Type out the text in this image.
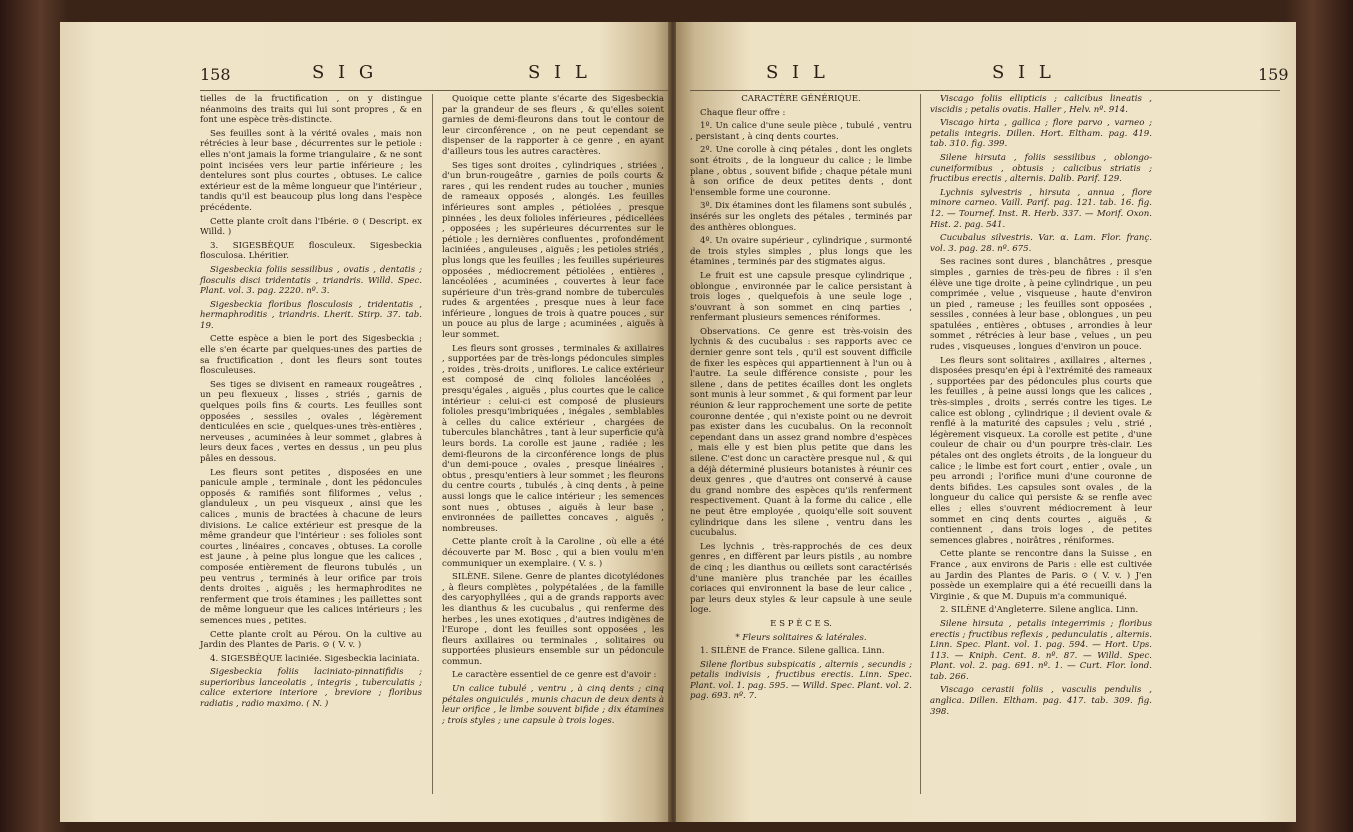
158	S I G	S I L

tielles de la fructification , on y distingue néanmoins des traits qui lui sont propres , & en font une espèce très-distincte.

Ses feuilles sont à la vérité ovales , mais non rétrécies à leur base , décurrentes sur le petiole : elles n'ont jamais la forme triangulaire , & ne sont point incisées vers leur partie inférieure ; les dentelures sont plus courtes , obtuses. Le calice extérieur est de la même longueur que l'intérieur , tandis qu'il est beaucoup plus long dans l'espèce précédente.

Cette plante croît dans l'Ibérie. ⊙ ( Descript. ex Willd. )

3. SIGESBÈQUE flosculeux. Sigesbeckia flosculosa. Lhéritier.

Sigesbeckia foliis sessilibus , ovatis , dentatis ; flosculis disci tridentatis , triandris. Willd. Spec. Plant. vol. 3. pag. 2220. nº. 3.

Sigesbeckia floribus flosculosis , tridentatis , hermaphroditis , triandris. Lherit. Stirp. 37. tab. 19.

Cette espèce a bien le port des Sigesbeckia ; elle s'en écarte par quelques-unes des parties de sa fructification , dont les fleurs sont toutes flosculeuses.

Ses tiges se divisent en rameaux rougeâtres , un peu flexueux , lisses , striés , garnis de quelques poils fins & courts. Les feuilles sont opposées , sessiles , ovales , légèrement denticulées en scie , quelques-unes très-entières , nerveuses , acuminées à leur sommet , glabres à leurs deux faces , vertes en dessus , un peu plus pâles en dessous.

Les fleurs sont petites , disposées en une panicule ample , terminale , dont les pédoncules opposés & ramifiés sont filiformes , velus , glanduleux , un peu visqueux , ainsi que les calices , munis de bractées à chacune de leurs divisions. Le calice extérieur est presque de la même grandeur que l'intérieur : ses folioles sont courtes , linéaires , concaves , obtuses. La corolle est jaune , à peine plus longue que les calices , composée entièrement de fleurons tubulés , un peu ventrus , terminés à leur orifice par trois dents droites , aiguës ; les hermaphrodites ne renferment que trois étamines ; les paillettes sont de même longueur que les calices intérieurs ; les semences nues , petites.

Cette plante croît au Pérou. On la cultive au Jardin des Plantes de Paris. ⊙ ( V. v. )

4. SIGESBÈQUE laciniée. Sigesbeckia laciniata.

Sigesbeckia foliis laciniato-pinnatifidis ; superioribus lanceolatis , integris , tuberculatis ; calice exteriore interiore , breviore ; floribus radiatis , radio maximo. ( N. )

Quoique cette plante s'écarte des Sigesbeckia par la grandeur de ses fleurs , & qu'elles soient garnies de demi-fleurons dans tout le contour de leur circonférence , on ne peut cependant se dispenser de la rapporter à ce genre , en ayant d'ailleurs tous les autres caractères.

Ses tiges sont droites , cylindriques , striées , d'un brun-rougeâtre , garnies de poils courts & rares , qui les rendent rudes au toucher , munies de rameaux opposés , alongés. Les feuilles inférieures sont amples , pétiolées , presque pinnées , les deux folioles inférieures , pédicellées , opposées ; les supérieures décurrentes sur le pétiole ; les dernières confluentes , profondément laciniées , anguleuses , aiguës ; les petioles striés , plus longs que les feuilles ; les feuilles supérieures opposées , médiocrement pétiolées , entières , lancéolées , acuminées , couvertes à leur face supérieure d'un très-grand nombre de tubercules rudes & argentées , presque nues à leur face inférieure , longues de trois à quatre pouces , sur un pouce au plus de large ; acuminées , aiguës à leur sommet.

Les fleurs sont grosses , terminales & axillaires , supportées par de très-longs pédoncules simples , roides , très-droits , uniflores. Le calice extérieur est composé de cinq folioles lancéolées , presqu'égales , aiguës , plus courtes que le calice intérieur : celui-ci est composé de plusieurs folioles presqu'imbriquées , inégales , semblables à celles du calice extérieur , chargées de tubercules blanchâtres , tant à leur superficie qu'à leurs bords. La corolle est jaune , radiée ; les demi-fleurons de la circonférence longs de plus d'un demi-pouce , ovales , presque linéaires , obtus , presqu'entiers à leur sommet ; les fleurons du centre courts , tubulés , à cinq dents , à peine aussi longs que le calice intérieur ; les semences sont nues , obtuses , aiguës à leur base , environnées de paillettes concaves , aiguës , nombreuses.

Cette plante croît à la Caroline , où elle a été découverte par M. Bosc , qui a bien voulu m'en communiquer un exemplaire. ( V. s. )

SILÈNE. Silene. Genre de plantes dicotylédones , à fleurs complètes , polypétalées , de la famille des caryophyllées , qui a de grands rapports avec les dianthus & les cucubalus , qui renferme des herbes , les unes exotiques , d'autres indigènes de l'Europe , dont les feuilles sont opposées , les fleurs axillaires ou terminales , solitaires ou supportées plusieurs ensemble sur un pédoncule commun.

Le caractère essentiel de ce genre est d'avoir :

Un calice tubulé , ventru , à cinq dents ; cinq pétales onguiculés , munis chacun de deux dents à leur orifice , le limbe souvent bifide ; dix étamines ; trois styles ; une capsule à trois loges.

S I L	S I L	159

CARACTÈRE GÉNÉRIQUE.

Chaque fleur offre :

1º. Un calice d'une seule pièce , tubulé , ventru , persistant , à cinq dents courtes.

2º. Une corolle à cinq pétales , dont les onglets sont étroits , de la longueur du calice ; le limbe plane , obtus , souvent bifide ; chaque pétale muni à son orifice de deux petites dents , dont l'ensemble forme une couronne.

3º. Dix étamines dont les filamens sont subulés , insérés sur les onglets des pétales , terminés par des anthères oblongues.

4º. Un ovaire supérieur , cylindrique , surmonté de trois styles simples , plus longs que les étamines , terminés par des stigmates aigus.

Le fruit est une capsule presque cylindrique , oblongue , environnée par le calice persistant à trois loges , quelquefois à une seule loge , s'ouvrant à son sommet en cinq parties , renfermant plusieurs semences réniformes.

Observations. Ce genre est très-voisin des lychnis & des cucubalus : ses rapports avec ce dernier genre sont tels , qu'il est souvent difficile de fixer les espèces qui appartiennent à l'un ou à l'autre. La seule différence consiste , pour les silene , dans de petites écailles dont les onglets sont munis à leur sommet , & qui forment par leur réunion & leur rapprochement une sorte de petite couronne dentée , qui n'existe point ou ne devroit pas exister dans les cucubalus. On la reconnoît cependant dans un assez grand nombre d'espèces , mais elle y est bien plus petite que dans les silene. C'est donc un caractère presque nul , & qui a déjà déterminé plusieurs botanistes à réunir ces deux genres , que d'autres ont conservé à cause du grand nombre des espèces qu'ils renferment respectivement. Quant à la forme du calice , elle ne peut être employée , quoiqu'elle soit souvent cylindrique dans les silene , ventru dans les cucubalus.

Les lychnis , très-rapprochés de ces deux genres , en diffèrent par leurs pistils , au nombre de cinq ; les dianthus ou œillets sont caractérisés d'une manière plus tranchée par les écailles coriaces qui environnent la base de leur calice , par leurs deux styles & leur capsule à une seule loge.

E S P È C E S.

* Fleurs solitaires & latérales.

1. SILÈNE de France. Silene gallica. Linn.

Silene floribus subspicatis , alternis , secundis ; petalis indivisis , fructibus erectis. Linn. Spec. Plant. vol. 1. pag. 595. — Willd. Spec. Plant. vol. 2. pag. 693. nº. 7.

Viscago foliis ellipticis ; calicibus lineatis , viscidis ; petalis ovatis. Haller , Helv. nº. 914.

Viscago hirta , gallica ; flore parvo , varneo ; petalis integris. Dillen. Hort. Eltham. pag. 419. tab. 310. fig. 399.

Silene hirsuta , foliis sessilibus , oblongo-cuneiformibus , obtusis ; calicibus striatis ; fructibus erectis , alternis. Dalib. Parif. 129.

Lychnis sylvestris , hirsuta , annua , flore minore carneo. Vaill. Parif. pag. 121. tab. 16. fig. 12. — Tournef. Inst. R. Herb. 337. — Morif. Oxon. Hist. 2. pag. 541.

Cucubalus silvestris. Var. α. Lam. Flor. franç. vol. 3. pag. 28. nº. 675.

Ses racines sont dures , blanchâtres , presque simples , garnies de très-peu de fibres : il s'en élève une tige droite , à peine cylindrique , un peu comprimée , velue , visqueuse , haute d'environ un pied , rameuse ; les feuilles sont opposées , sessiles , connées à leur base , oblongues , un peu spatulées , entières , obtuses , arrondies à leur sommet , rétrécies à leur base , velues , un peu rudes , visqueuses , longues d'environ un pouce.

Les fleurs sont solitaires , axillaires , alternes , disposées presqu'en épi à l'extrémité des rameaux , supportées par des pédoncules plus courts que les feuilles , à peine aussi longs que les calices , très-simples , droits , serrés contre les tiges. Le calice est oblong , cylindrique ; il devient ovale & renflé à la maturité des capsules ; velu , strié , légèrement visqueux. La corolle est petite , d'une couleur de chair ou d'un pourpre très-clair. Les pétales ont des onglets étroits , de la longueur du calice ; le limbe est fort court , entier , ovale , un peu arrondi ; l'orifice muni d'une couronne de dents bifides. Les capsules sont ovales , de la longueur du calice qui persiste & se renfle avec elles ; elles s'ouvrent médiocrement à leur sommet en cinq dents courtes , aiguës , & contiennent , dans trois loges , de petites semences glabres , noirâtres , réniformes.

Cette plante se rencontre dans la Suisse , en France , aux environs de Paris : elle est cultivée au Jardin des Plantes de Paris. ⊙ ( V. v. ) J'en possède un exemplaire qui a été recueilli dans la Virginie , & que M. Dupuis m'a communiqué.

2. SILÈNE d'Angleterre. Silene anglica. Linn.

Silene hirsuta , petalis integerrimis ; floribus erectis ; fructibus reflexis , pedunculatis , alternis. Linn. Spec. Plant. vol. 1. pag. 594. — Hort. Ups. 113. — Kniph. Cent. 8. nº. 87. — Willd. Spec. Plant. vol. 2. pag. 691. nº. 1. — Curt. Flor. lond. tab. 266.

Viscago cerastii foliis , vasculis pendulis , anglica. Dillen. Eltham. pag. 417. tab. 309. fig. 398.
